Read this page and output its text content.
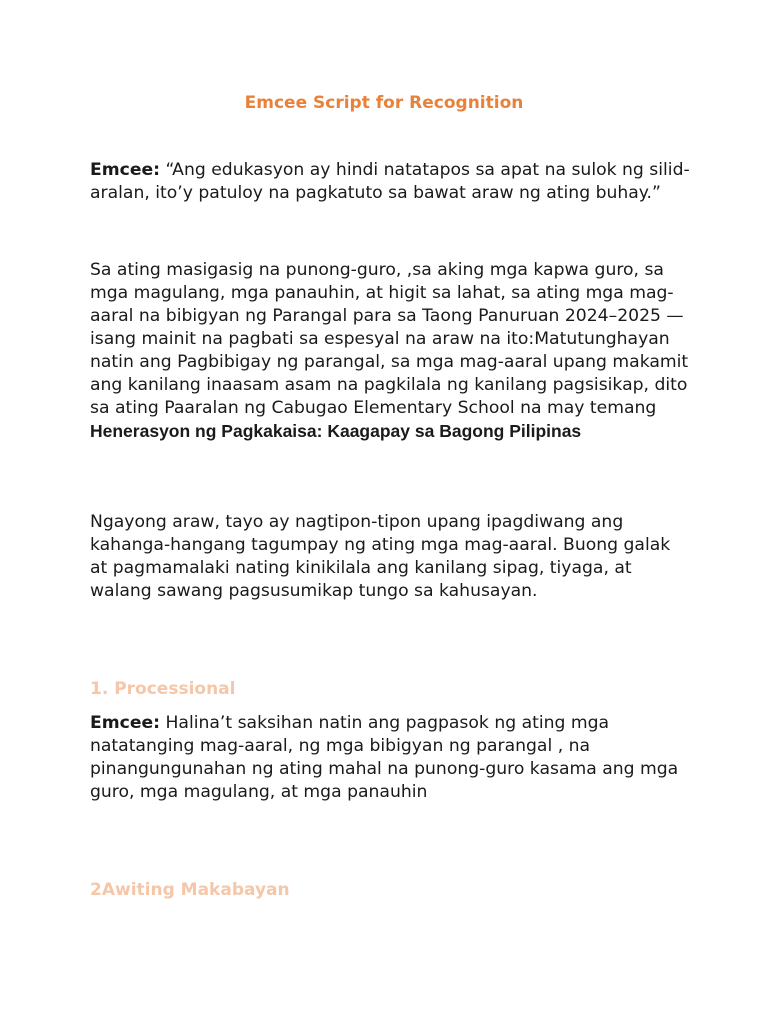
Emcee Script for Recognition

Emcee: “Ang edukasyon ay hindi natatapos sa apat na sulok ng silid-aralan, ito’y patuloy na pagkatuto sa bawat araw ng ating buhay.”

Sa ating masigasig na punong-guro, ,sa aking mga kapwa guro, sa mga magulang, mga panauhin, at higit sa lahat, sa ating mga mag-aaral na bibigyan ng Parangal para sa Taong Panuruan 2024–2025 — isang mainit na pagbati sa espesyal na araw na ito:Matutunghayan natin ang Pagbibigay ng parangal, sa mga mag-aaral upang makamit ang kanilang inaasam asam na pagkilala ng kanilang pagsisikap, dito sa ating Paaralan ng Cabugao Elementary School na may temang Henerasyon ng Pagkakaisa: Kaagapay sa Bagong Pilipinas

Ngayong araw, tayo ay nagtipon-tipon upang ipagdiwang ang kahanga-hangang tagumpay ng ating mga mag-aaral. Buong galak at pagmamalaki nating kinikilala ang kanilang sipag, tiyaga, at walang sawang pagsusumikap tungo sa kahusayan.

1. Processional

Emcee: Halina’t saksihan natin ang pagpasok ng ating mga natatanging mag-aaral, ng mga bibigyan ng parangal , na pinangungunahan ng ating mahal na punong-guro kasama ang mga guro, mga magulang, at mga panauhin

2Awiting Makabayan
